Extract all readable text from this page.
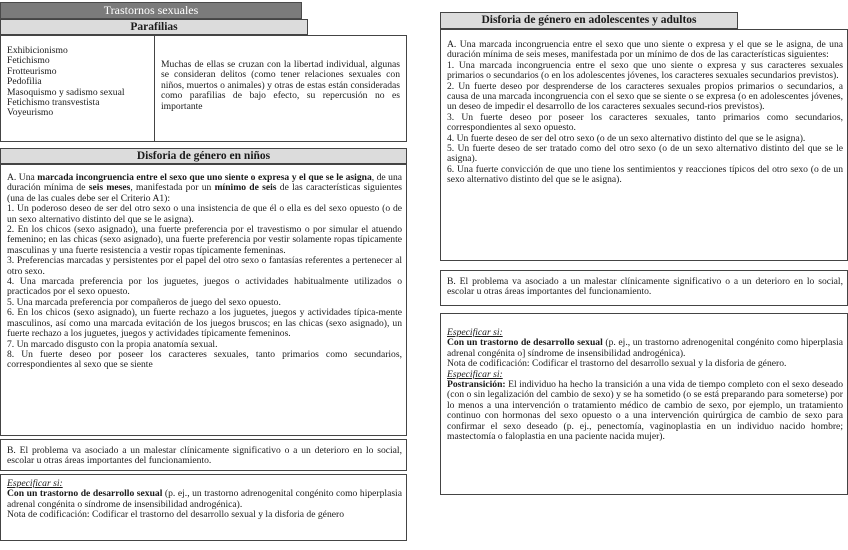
Trastornos sexuales
Parafilias
Exhibicionismo
Fetichismo
Frotteurismo
Pedofilia
Masoquismo y sadismo sexual
Fetichismo transvestista
Voyeurismo
Muchas de ellas se cruzan con la libertad individual, algunas se consideran delitos (como tener relaciones sexuales con niños, muertos o animales) y otras de estas están consideradas como parafilias de bajo efecto, su repercusión no es importante
Disforia de género en niños
A. Una marcada incongruencia entre el sexo que uno siente o expresa y el que se le asigna, de una duración mínima de seis meses, manifestada por un mínimo de seis de las características siguientes (una de las cuales debe ser el Criterio A1):
1. Un poderoso deseo de ser del otro sexo o una insistencia de que él o ella es del sexo opuesto (o de un sexo alternativo distinto del que se le asigna).
2. En los chicos (sexo asignado), una fuerte preferencia por el travestismo o por simular el atuendo femenino; en las chicas (sexo asignado), una fuerte preferencia por vestir solamente ropas típicamente masculinas y una fuerte resistencia a vestir ropas típicamente femeninas.
3. Preferencias marcadas y persistentes por el papel del otro sexo o fantasías referentes a pertenecer al otro sexo.
4. Una marcada preferencia por los juguetes, juegos o actividades habitualmente utilizados o practicados por el sexo opuesto.
5. Una marcada preferencia por compañeros de juego del sexo opuesto.
6. En los chicos (sexo asignado), un fuerte rechazo a los juguetes, juegos y actividades típica-mente masculinos, así como una marcada evitación de los juegos bruscos; en las chicas (sexo asignado), un fuerte rechazo a los juguetes, juegos y actividades típicamente femeninos.
7. Un marcado disgusto con la propia anatomía sexual.
8. Un fuerte deseo por poseer los caracteres sexuales, tanto primarios como secundarios, correspondientes al sexo que se siente
B. El problema va asociado a un malestar clínicamente significativo o a un deterioro en lo social, escolar u otras áreas importantes del funcionamiento.
Especificar si:
Con un trastorno de desarrollo sexual (p. ej., un trastorno adrenogenital congénito como hiperplasia adrenal congénita o síndrome de insensibilidad androgénica).
Nota de codificación: Codificar el trastorno del desarrollo sexual y la disforia de género
Disforia de género en adolescentes y adultos
A. Una marcada incongruencia entre el sexo que uno siente o expresa y el que se le asigna, de una duración mínima de seis meses, manifestada por un mínimo de dos de las características siguientes:
1. Una marcada incongruencia entre el sexo que uno siente o expresa y sus caracteres sexuales primarios o secundarios (o en los adolescentes jóvenes, los caracteres sexuales secundarios previstos).
2. Un fuerte deseo por desprenderse de los caracteres sexuales propios primarios o secundarios, a causa de una marcada incongruencia con el sexo que se siente o se expresa (o en adolescentes jóvenes, un deseo de impedir el desarrollo de los caracteres sexuales secund-rios previstos).
3. Un fuerte deseo por poseer los caracteres sexuales, tanto primarios como secundarios, correspondientes al sexo opuesto.
4. Un fuerte deseo de ser del otro sexo (o de un sexo alternativo distinto del que se le asigna).
5. Un fuerte deseo de ser tratado como del otro sexo (o de un sexo alternativo distinto del que se le asigna).
6. Una fuerte convicción de que uno tiene los sentimientos y reacciones típicos del otro sexo (o de un sexo alternativo distinto del que se le asigna).
B. El problema va asociado a un malestar clínicamente significativo o a un deterioro en lo social, escolar u otras áreas importantes del funcionamiento.
Especificar si:
Con un trastorno de desarrollo sexual (p. ej., un trastorno adrenogenital congénito como hiperplasia adrenal congénita o] síndrome de insensibilidad androgénica).
Nota de codificación: Codificar el trastorno del desarrollo sexual y la disforia de género.
Especificar si:
Postransición: El individuo ha hecho la transición a una vida de tiempo completo con el sexo deseado (con o sin legalización del cambio de sexo) y se ha sometido (o se está preparando para someterse) por lo menos a una intervención o tratamiento médico de cambio de sexo, por ejemplo, un tratamiento continuo con hormonas del sexo opuesto o a una intervención quirúrgica de cambio de sexo para confirmar el sexo deseado (p. ej., penectomía, vaginoplastia en un individuo nacido hombre; mastectomía o faloplastia en una paciente nacida mujer).
